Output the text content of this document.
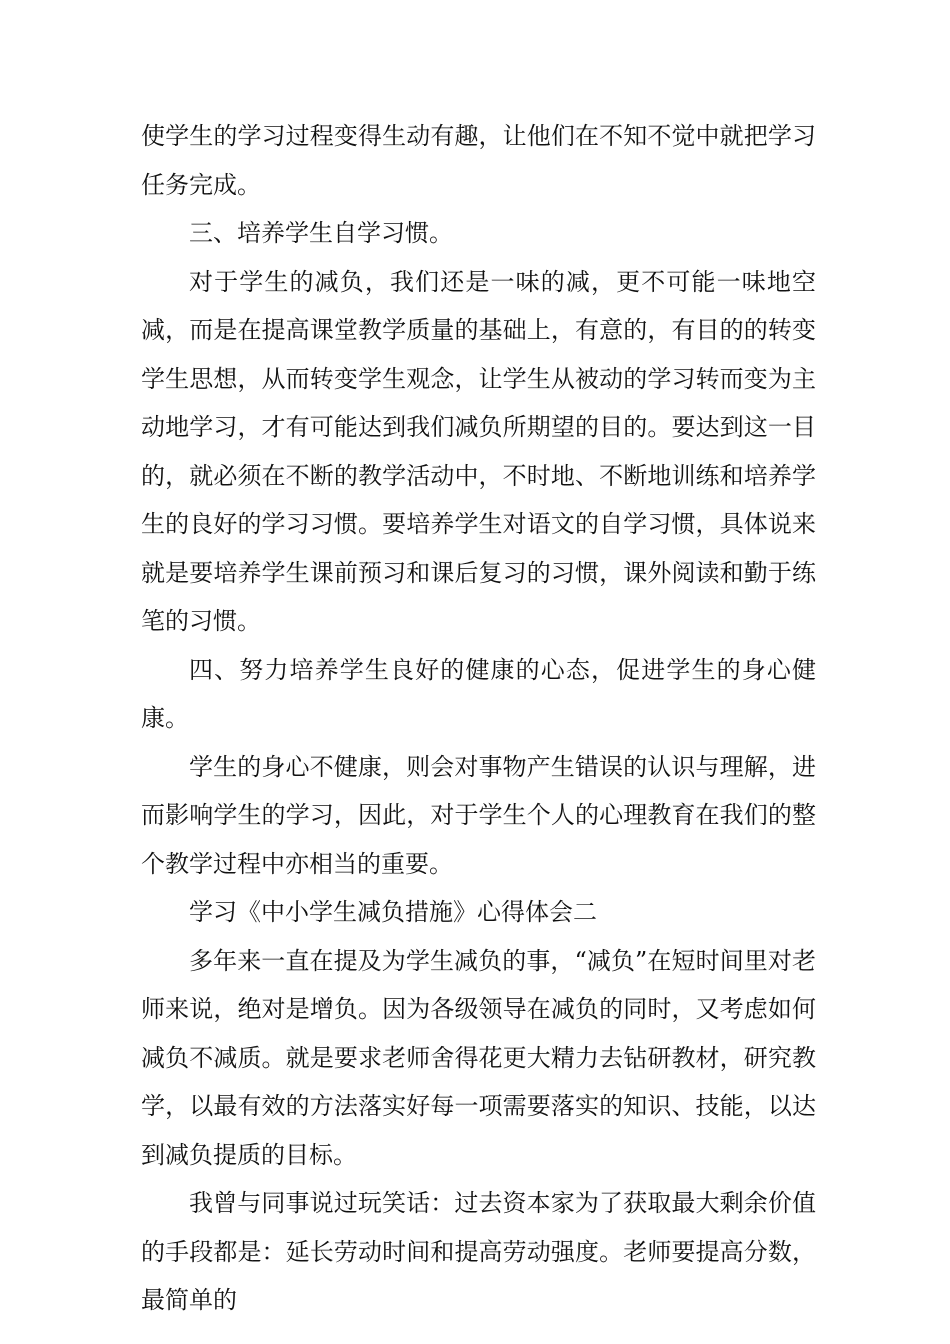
使学生的学习过程变得生动有趣，让他们在不知不觉中就把学习任务完成。

三、培养学生自学习惯。

对于学生的减负，我们还是一味的减，更不可能一味地空减，而是在提高课堂教学质量的基础上，有意的，有目的的转变学生思想，从而转变学生观念，让学生从被动的学习转而变为主动地学习，才有可能达到我们减负所期望的目的。要达到这一目的，就必须在不断的教学活动中，不时地、不断地训练和培养学生的良好的学习习惯。要培养学生对语文的自学习惯，具体说来就是要培养学生课前预习和课后复习的习惯，课外阅读和勤于练笔的习惯。

四、努力培养学生良好的健康的心态，促进学生的身心健康。

学生的身心不健康，则会对事物产生错误的认识与理解，进而影响学生的学习，因此，对于学生个人的心理教育在我们的整个教学过程中亦相当的重要。

学习《中小学生减负措施》心得体会二

多年来一直在提及为学生减负的事，“减负”在短时间里对老师来说，绝对是增负。因为各级领导在减负的同时，又考虑如何减负不减质。就是要求老师舍得花更大精力去钻研教材，研究教学，以最有效的方法落实好每一项需要落实的知识、技能，以达到减负提质的目标。

我曾与同事说过玩笑话：过去资本家为了获取最大剩余价值的手段都是：延长劳动时间和提高劳动强度。老师要提高分数，最简单的
